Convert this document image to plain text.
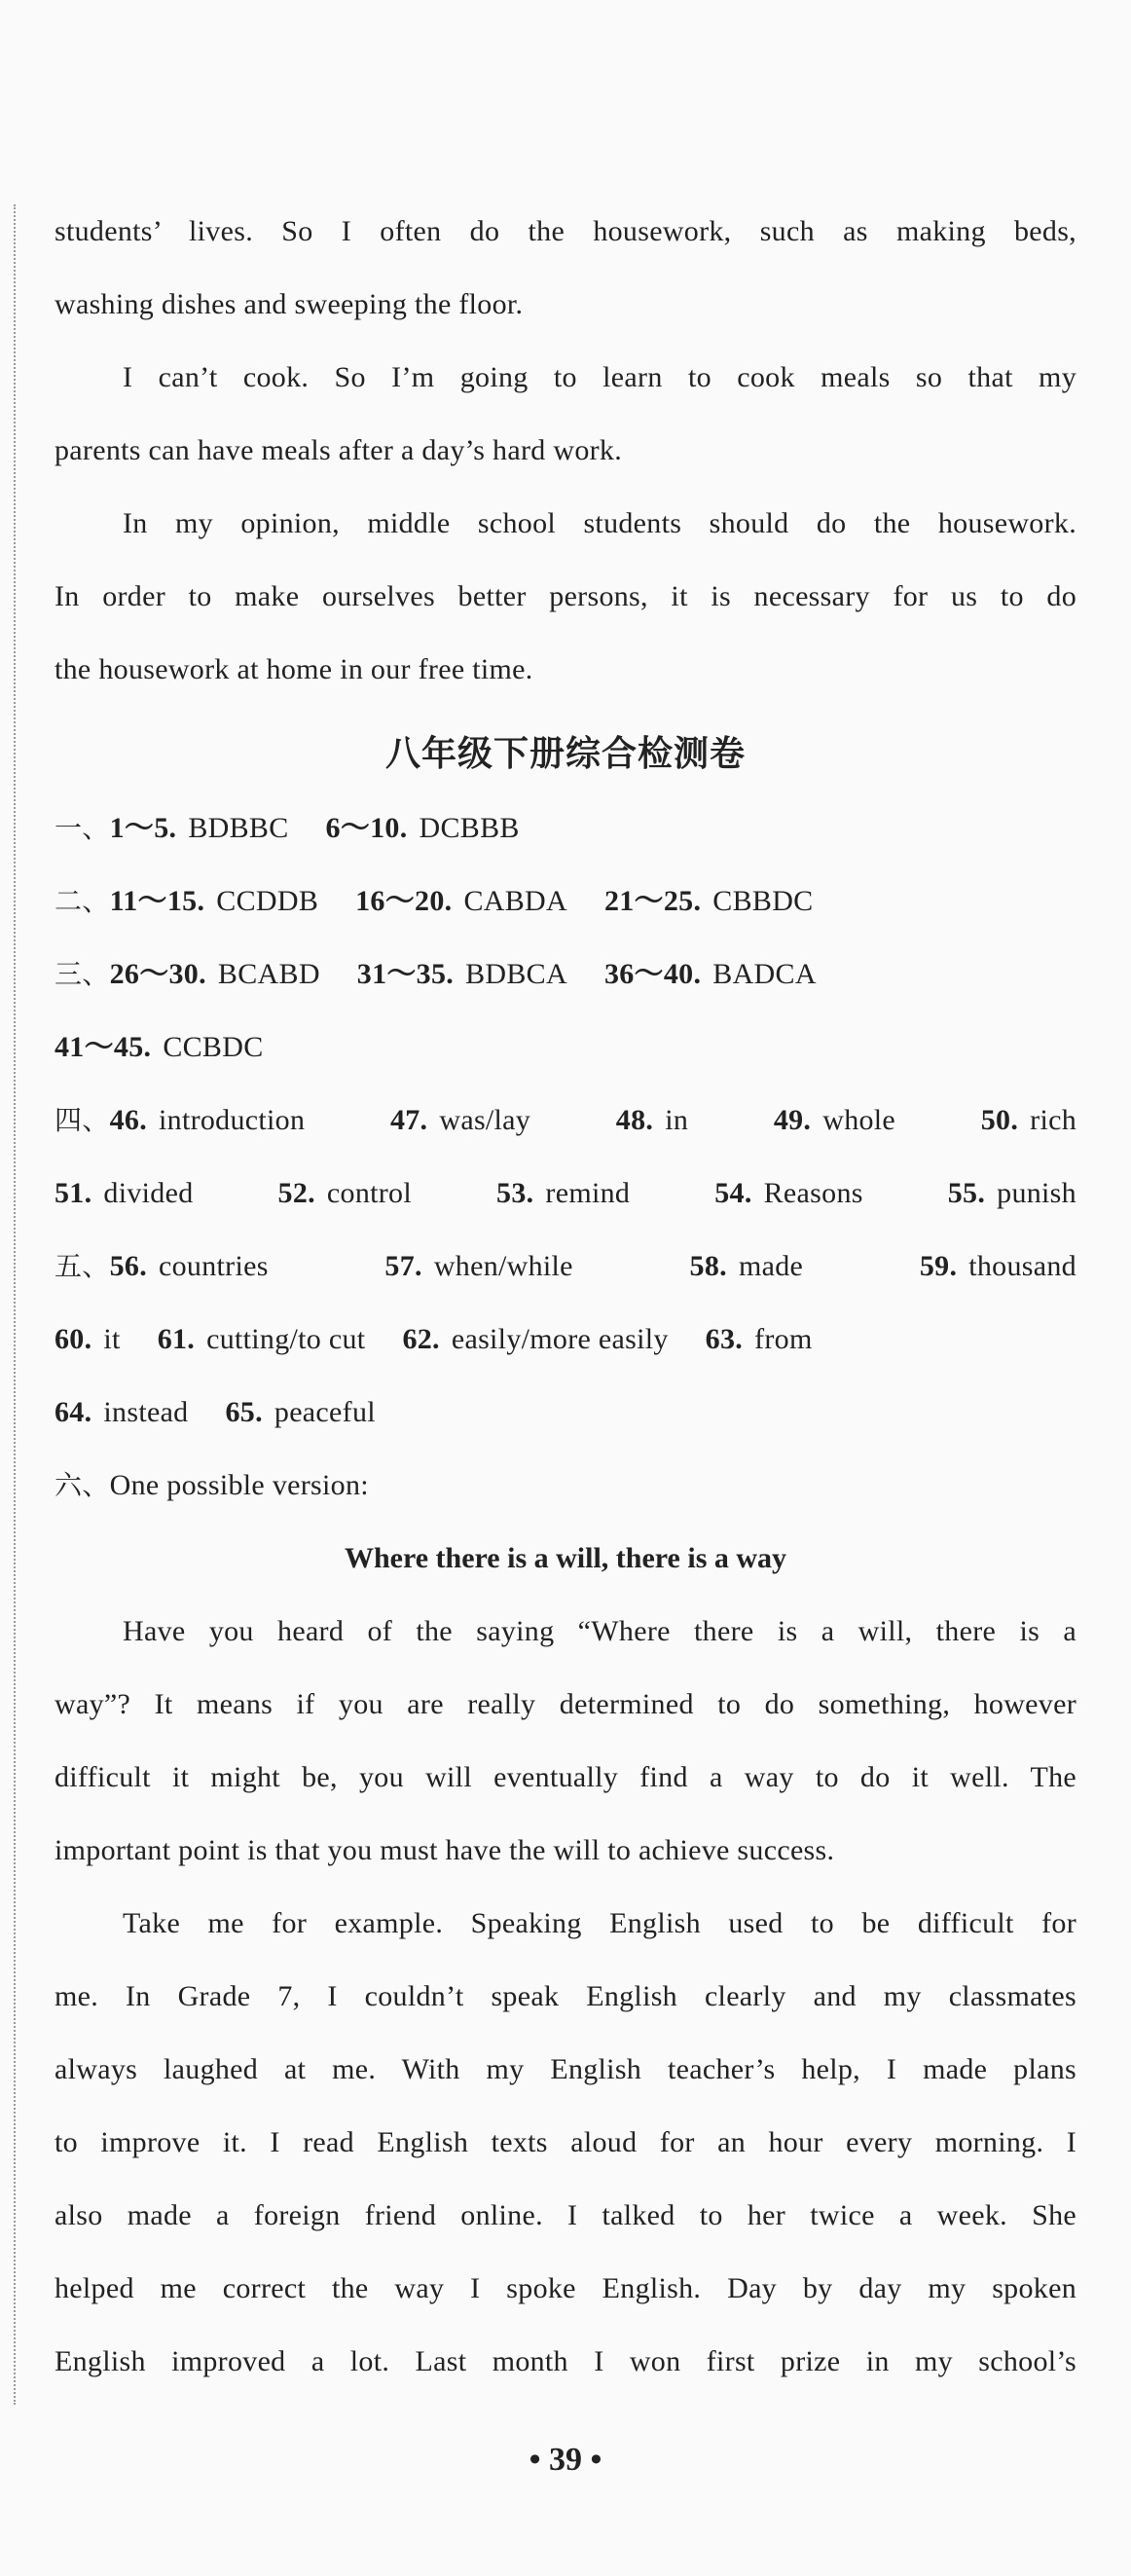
students’ lives. So I often do the housework, such as making beds,
washing dishes and sweeping the floor.
I can’t cook. So I’m going to learn to cook meals so that my
parents can have meals after a day’s hard work.
In my opinion, middle school students should do the housework.
In order to make ourselves better persons, it is necessary for us to do
the housework at home in our free time.
八年级下册综合检测卷
一、1～5. BDBBC 6～10. DCBBB
二、11～15. CCDDB 16～20. CABDA 21～25. CBBDC
三、26～30. BCABD 31～35. BDBCA 36～40. BADCA
41～45. CCBDC
四、46. introduction	47. was/lay	48. in	49. whole	50. rich
51. divided	52. control	53. remind	54. Reasons	55. punish
五、56. countries	57. when/while	58. made	59. thousand
60. it 61. cutting/to cut 62. easily/more easily 63. from
64. instead 65. peaceful
六、One possible version:
Where there is a will, there is a way
Have you heard of the saying “Where there is a will, there is a
way”? It means if you are really determined to do something, however
difficult it might be, you will eventually find a way to do it well. The
important point is that you must have the will to achieve success.
Take me for example. Speaking English used to be difficult for
me. In Grade 7, I couldn’t speak English clearly and my classmates
always laughed at me. With my English teacher’s help, I made plans
to improve it. I read English texts aloud for an hour every morning. I
also made a foreign friend online. I talked to her twice a week. She
helped me correct the way I spoke English. Day by day my spoken
English improved a lot. Last month I won first prize in my school’s
• 39 •
